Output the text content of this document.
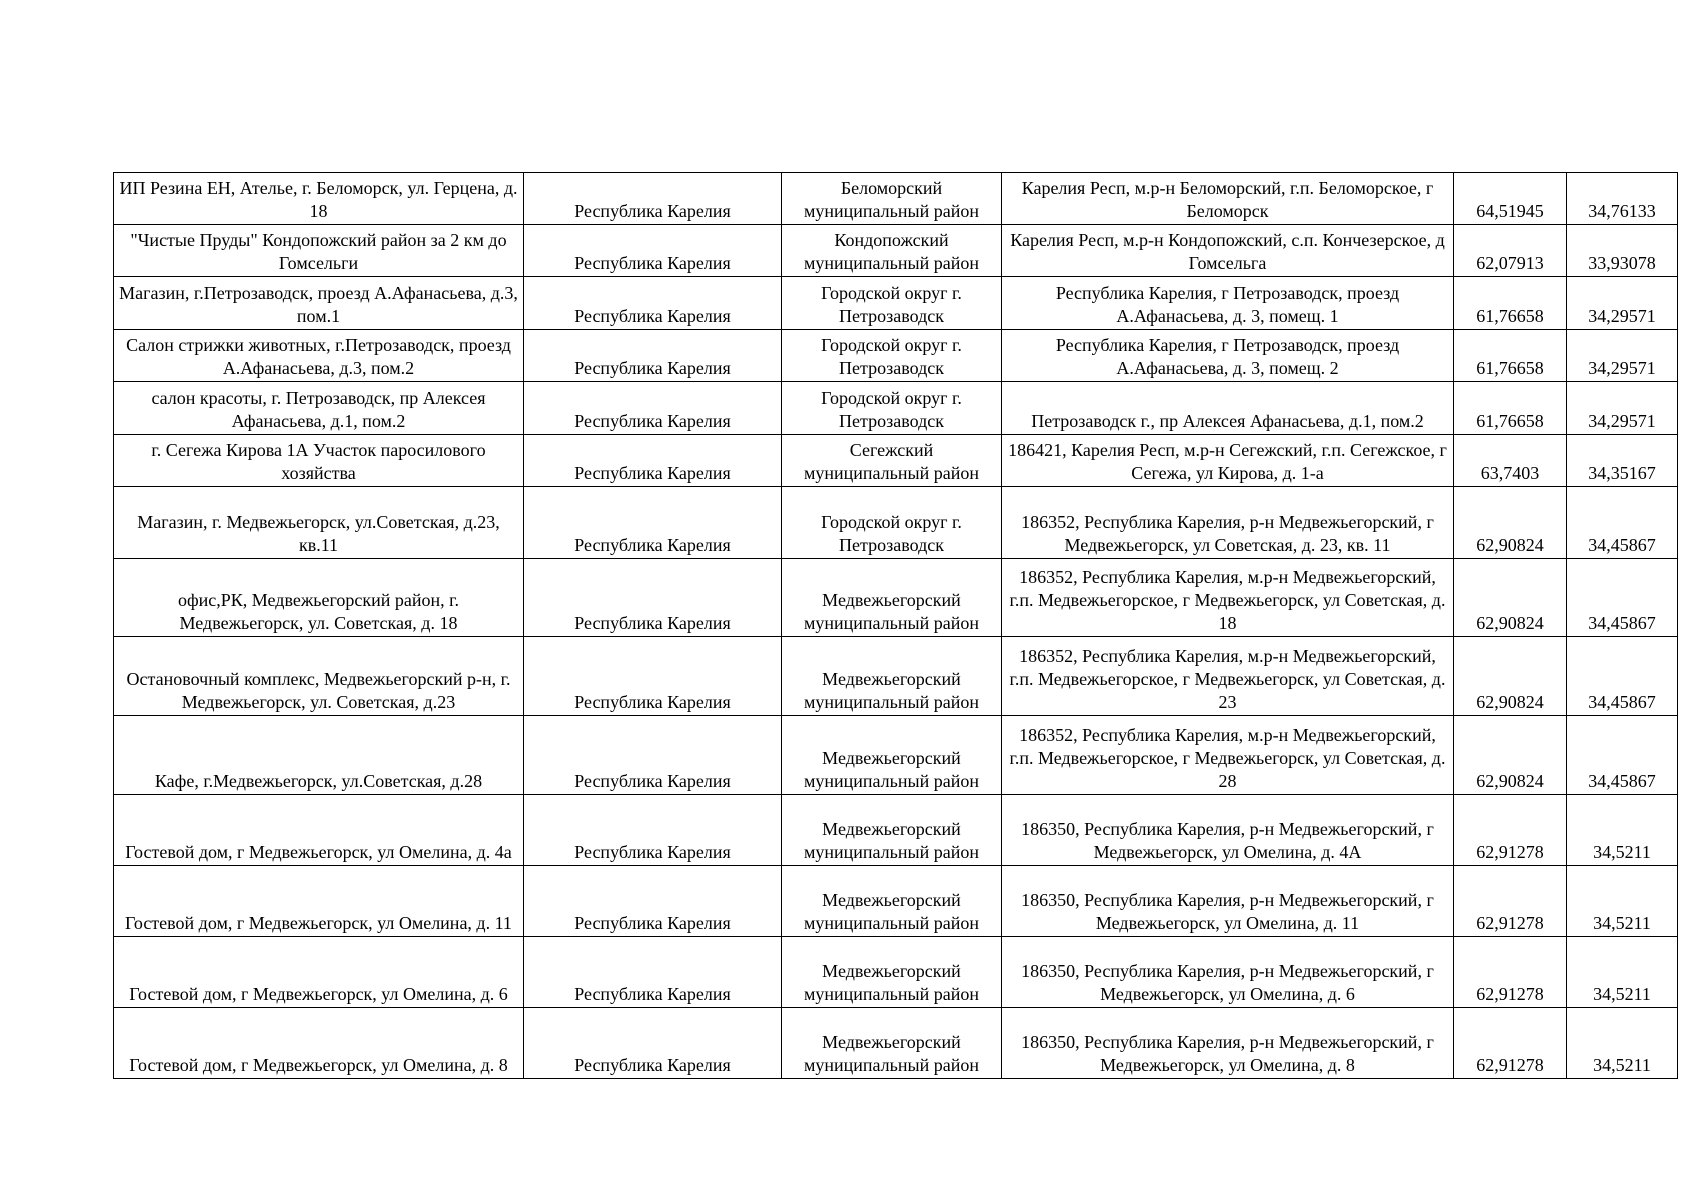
ИП Резина ЕН, Ателье, г. Беломорск, ул. Герцена, д. 18	Республика Карелия	Беломорский муниципальный район	Карелия Респ, м.р-н Беломорский, г.п. Беломорское, г Беломорск	64,51945	34,76133
"Чистые Пруды" Кондопожский район за 2 км до Гомсельги	Республика Карелия	Кондопожский муниципальный район	Карелия Респ, м.р-н Кондопожский, с.п. Кончезерское, д Гомсельга	62,07913	33,93078
Магазин, г.Петрозаводск, проезд А.Афанасьева, д.3, пом.1	Республика Карелия	Городской округ г. Петрозаводск	Республика Карелия, г Петрозаводск, проезд А.Афанасьева, д. 3, помещ. 1	61,76658	34,29571
Салон стрижки животных, г.Петрозаводск, проезд А.Афанасьева, д.3, пом.2	Республика Карелия	Городской округ г. Петрозаводск	Республика Карелия, г Петрозаводск, проезд А.Афанасьева, д. 3, помещ. 2	61,76658	34,29571
салон красоты, г. Петрозаводск, пр Алексея Афанасьева, д.1, пом.2	Республика Карелия	Городской округ г. Петрозаводск	Петрозаводск г., пр Алексея Афанасьева, д.1, пом.2	61,76658	34,29571
г. Сегежа Кирова 1А Участок паросилового хозяйства	Республика Карелия	Сегежский муниципальный район	186421, Карелия Респ, м.р-н Сегежский, г.п. Сегежское, г Сегежа, ул Кирова, д. 1-а	63,7403	34,35167
Магазин, г. Медвежьегорск, ул.Советская, д.23, кв.11	Республика Карелия	Городской округ г. Петрозаводск	186352, Республика Карелия, р-н Медвежьегорский, г Медвежьегорск, ул Советская, д. 23, кв. 11	62,90824	34,45867
офис,РК, Медвежьегорский район, г. Медвежьегорск, ул. Советская, д. 18	Республика Карелия	Медвежьегорский муниципальный район	186352, Республика Карелия, м.р-н Медвежьегорский, г.п. Медвежьегорское, г Медвежьегорск, ул Советская, д. 18	62,90824	34,45867
Остановочный комплекс, Медвежьегорский р-н, г. Медвежьегорск, ул. Советская, д.23	Республика Карелия	Медвежьегорский муниципальный район	186352, Республика Карелия, м.р-н Медвежьегорский, г.п. Медвежьегорское, г Медвежьегорск, ул Советская, д. 23	62,90824	34,45867
Кафе, г.Медвежьегорск, ул.Советская, д.28	Республика Карелия	Медвежьегорский муниципальный район	186352, Республика Карелия, м.р-н Медвежьегорский, г.п. Медвежьегорское, г Медвежьегорск, ул Советская, д. 28	62,90824	34,45867
Гостевой дом, г Медвежьегорск, ул Омелина, д. 4а	Республика Карелия	Медвежьегорский муниципальный район	186350, Республика Карелия, р-н Медвежьегорский, г Медвежьегорск, ул Омелина, д. 4А	62,91278	34,5211
Гостевой дом, г Медвежьегорск, ул Омелина, д. 11	Республика Карелия	Медвежьегорский муниципальный район	186350, Республика Карелия, р-н Медвежьегорский, г Медвежьегорск, ул Омелина, д. 11	62,91278	34,5211
Гостевой дом, г Медвежьегорск, ул Омелина, д. 6	Республика Карелия	Медвежьегорский муниципальный район	186350, Республика Карелия, р-н Медвежьегорский, г Медвежьегорск, ул Омелина, д. 6	62,91278	34,5211
Гостевой дом, г Медвежьегорск, ул Омелина, д. 8	Республика Карелия	Медвежьегорский муниципальный район	186350, Республика Карелия, р-н Медвежьегорский, г Медвежьегорск, ул Омелина, д. 8	62,91278	34,5211
